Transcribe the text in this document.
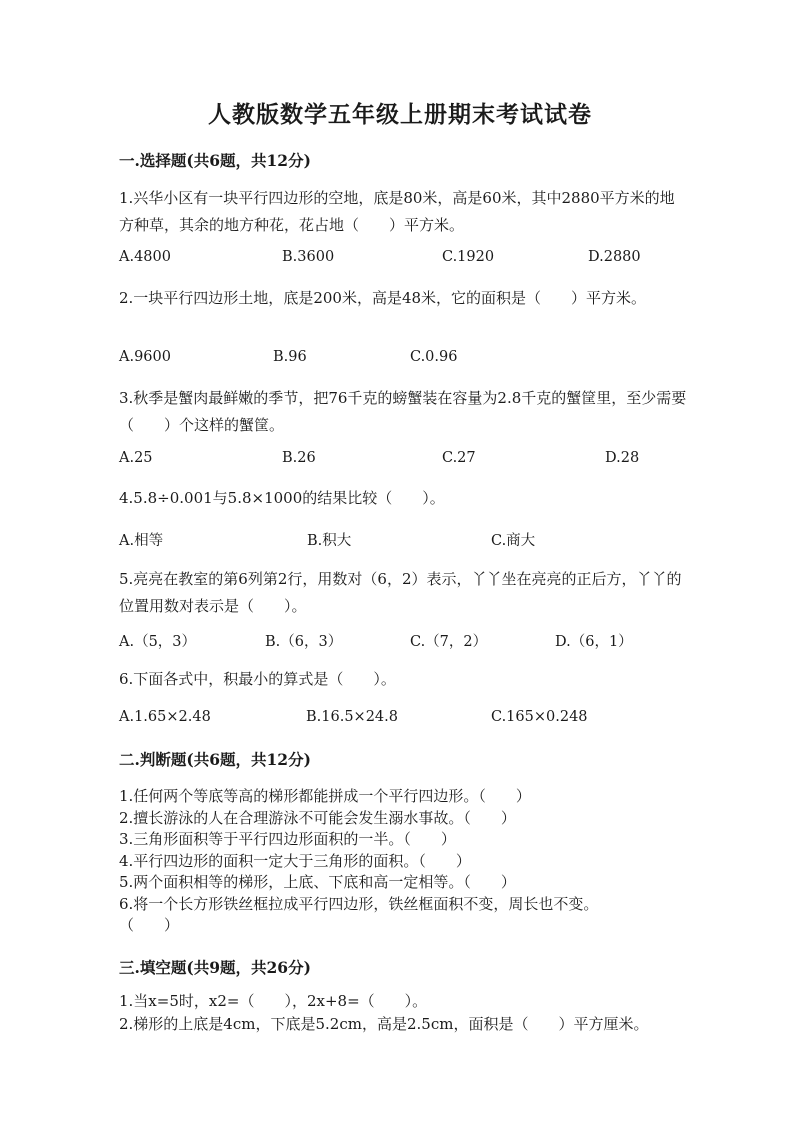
人教版数学五年级上册期末考试试卷
一.选择题(共6题，共12分)
1.兴华小区有一块平行四边形的空地，底是80米，高是60米，其中2880平方米的地方种草，其余的地方种花，花占地（　　）平方米。
A.4800	B.3600	C.1920	D.2880
2.一块平行四边形土地，底是200米，高是48米，它的面积是（　　）平方米。
A.9600	B.96	C.0.96
3.秋季是蟹肉最鲜嫩的季节，把76千克的螃蟹装在容量为2.8千克的蟹筐里，至少需要（　　）个这样的蟹筐。
A.25	B.26	C.27	D.28
4.5.8÷0.001与5.8×1000的结果比较（　　）。
A.相等	B.积大	C.商大
5.亮亮在教室的第6列第2行，用数对（6，2）表示，丫丫坐在亮亮的正后方，丫丫的位置用数对表示是（　　）。
A.（5，3）	B.（6，3）	C.（7，2）	D.（6，1）
6.下面各式中，积最小的算式是（　　）。
A.1.65×2.48	B.16.5×24.8	C.165×0.248
二.判断题(共6题，共12分)
1.任何两个等底等高的梯形都能拼成一个平行四边形。（　　）
2.擅长游泳的人在合理游泳不可能会发生溺水事故。（　　）
3.三角形面积等于平行四边形面积的一半。（　　）
4.平行四边形的面积一定大于三角形的面积。（　　）
5.两个面积相等的梯形，上底、下底和高一定相等。（　　）
6.将一个长方形铁丝框拉成平行四边形，铁丝框面积不变，周长也不变。
（　　）
三.填空题(共9题，共26分)
1.当x=5时，x2=（　　），2x+8=（　　）。
2.梯形的上底是4cm，下底是5.2cm，高是2.5cm，面积是（　　）平方厘米。
